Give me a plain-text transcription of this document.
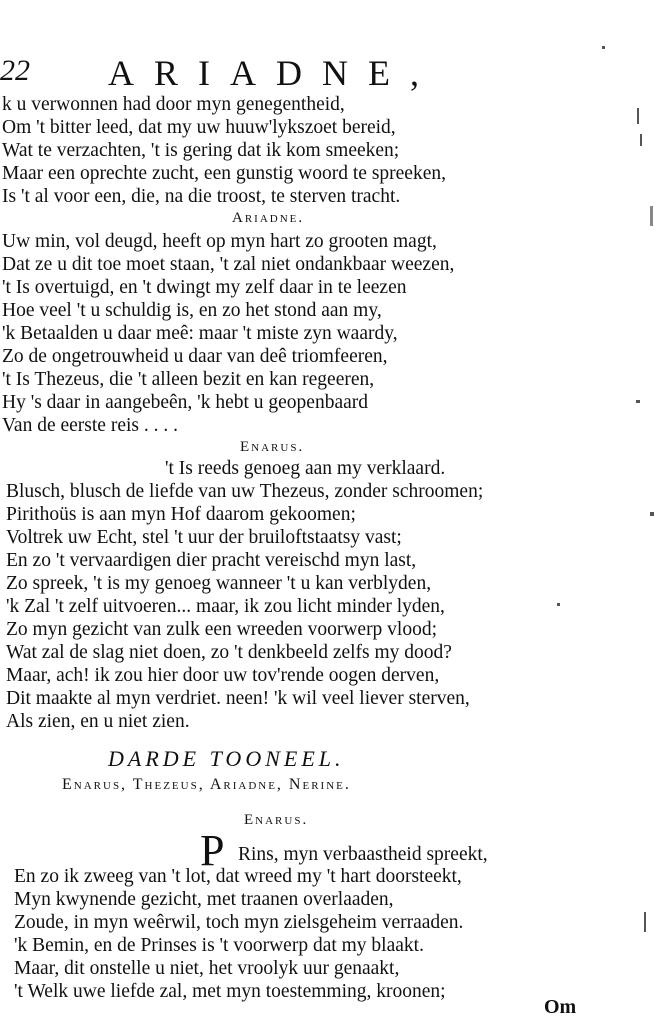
22 ARIADNE,
k u verwonnen had door myn genegentheid,
Om 't bitter leed, dat my uw huuw'lykszoet bereid,
Wat te verzachten, 't is gering dat ik kom smeeken;
Maar een oprechte zucht, een gunstig woord te spreeken,
Is 't al voor een, die, na die troost, te sterven tracht.
Ariadne.
Uw min, vol deugd, heeft op myn hart zo grooten magt,
Dat ze u dit toe moet staan, 't zal niet ondankbaar weezen,
't Is overtuigd, en 't dwingt my zelf daar in te leezen
Hoe veel 't u schuldig is, en zo het stond aan my,
'k Betaalden u daar meê: maar 't miste zyn waardy,
Zo de ongetrouwheid u daar van deê triomfeeren,
't Is Thezeus, die 't alleen bezit en kan regeeren,
Hy 's daar in aangebeên, 'k hebt u geopenbaard
Van de eerste reis . . . .
Enarus.
't Is reeds genoeg aan my verklaard.
Blusch, blusch de liefde van uw Thezeus, zonder schroomen;
Pirithoüs is aan myn Hof daarom gekoomen;
Voltrek uw Echt, stel 't uur der bruiloftstaatsy vast;
En zo 't vervaardigen dier pracht vereischd myn last,
Zo spreek, 't is my genoeg wanneer 't u kan verblyden,
'k Zal 't zelf uitvoeren... maar, ik zou licht minder lyden,
Zo myn gezicht van zulk een wreeden voorwerp vlood;
Wat zal de slag niet doen, zo 't denkbeeld zelfs my dood?
Maar, ach! ik zou hier door uw tov'rende oogen derven,
Dit maakte al myn verdriet. neen! 'k wil veel liever sterven,
Als zien, en u niet zien.
DARDE TOONEEL.
Enarus, Thezeus, Ariadne, Nerine.
Enarus.
P Rins, myn verbaastheid spreekt,
En zo ik zweeg van 't lot, dat wreed my 't hart doorsteekt,
Myn kwynende gezicht, met traanen overlaaden,
Zoude, in myn weêrwil, toch myn zielsgeheim verraaden.
'k Bemin, en de Prinses is 't voorwerp dat my blaakt.
Maar, dit onstelle u niet, het vroolyk uur genaakt,
't Welk uwe liefde zal, met myn toestemming, kroonen;
Om
